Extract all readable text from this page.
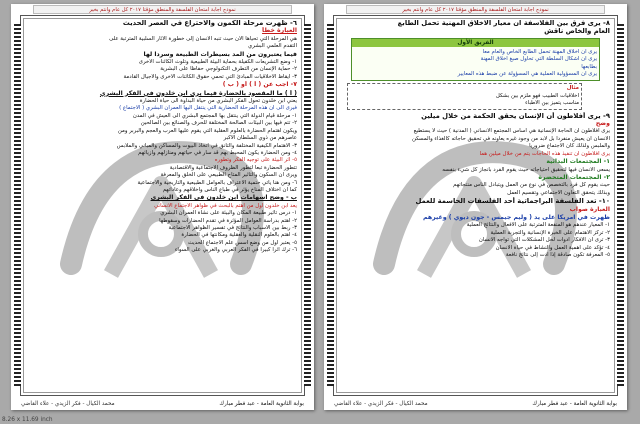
نموذج اجابة امتحان الفلسفة والمنطق مؤقتا ٢٠١٧ كل عام وانتم بخير
٦- ظهرت مرحلة الكمون والاحتراع في العصر الحديث
العبارة خطأ
هي المرحلة التي تحياها الآن حيث تنبه الانسان إلى خطورة الآثار السلبية المترتبة على
التقدم العلمي البشري
فيما يعتبرون من المد بسيطرات الطبيعة وسردا لها
١- وضع التشريعات الكفيلة بحماية البيئة الطبيعية وتلوث الكائنات الأخرى
٢- حماية الإنسان من التطرف التكنولوجي حفاظا على البشرية
٣- ايقاظ الأخلاقيات المبادئ التي تحمي حقوق الكائنات الأخرى والأجيال القادمة
٧- اجب عن ( أ ) أو ( ب )
( أ ) ما المقصود بالحضارة فيما يرى ابن خلدون في الفكر البشري
يعني ابن خلدون تحول الفكر البشري من حياة البداوة الى حياة الحضارة
فيرى الى ان هذه المرحلة الحضارية التي ينتقل اليها العمران البشري ( الاجتماع )
١- مرحلة قيام الدولة التي ينتقل بها المجتمع البشري الى العيش في المدن
٢- تتم فيها بين البيئات الصالحة المختلفة للحرف والصنائع بين الصالحين
ويكون اهتمام الحضارة بالعلوم العقلية التي يقوم عليها العرب والعجم والبربر ومن
عاصرهم من ذوي السلطان الأكبر
٣- الاهتمام الكيفية المختلفة والتأنق في اتخاذ البيوت والمساكن والمباني والملابس
٤- ومن الحضارة يكون المحيط بهم قد سار في حياتهم ومنازلهم وأزيائهم
٥- أثر البيئة على توجيه الفكر وتطوره
تتطور الحضارة تبعا لتطور الظروف الاجتماعية والاقتصادية
ويرى ان السكون والتأثير المتاح الطبيعي على الخلق والمعرفة
٦- ومن هنا يأتي حتمية الاعتراف بالعوامل الطبيعية والتاريخية والاجتماعية
كما ان اختلاف المناخ يؤثر في طباع الناس واخلاقهم وعاداتهم
ب - وضح اسهامات ابن خلدون في الفكر البشري
يعد ابن خلدون أول من اهتم بالبحث في ظواهر الاجتماع الانساني
١- درس تأثير طبيعة المكان والبيئة على نشأة العمران البشري
٢- اهتم بدراسة العوامل المؤثرة في تقدم الحضارات وسقوطها
٣- ربط بين الأسباب والنتائج في تفسير الظواهر الاجتماعية
٤- اهتم بالعلوم النقلية والعقلية ومكانتها في الحضارة
٥- يعتبر أول من وضع أسس علم الاجتماع الحديث
٦- ترك أثرا كبيرا في الفكر العربي والغربي على السواء
بوابة الثانوية العامة - عبد فطر مبارك
محمد الكيال - فكر الزيدي - علاء القاضي
نموذج اجابة امتحان الفلسفة والمنطق مؤقتا ٢٠١٧ كل عام وانتم بخير
٨- يرى فرق بين الفلاسفة ان معيار الاخلاق المهنية تحمل الطابع
العام والخاص ناقش
الفريق الأول
يرى أن أخلاق المهنة تحمل الطابع الخاص والعام معا
يرى ان أشكال السلطة التي تحاول صبغ أخلاق المهنة
بطابعها
يرى أن المسؤولية العملية هي المسؤولة عن ضبط هذه المعايير
مثال
أخلاقيات الطبيب فهو ملزم بين بشكل
مناسب يتميز بين الأطباء
٩- يرى أفلاطون أن الإنسان يحقق الحكمة من خلال ميلين
وضح
يرى أفلاطون أن الحاجة الإنسانية هي أساس المجتمع الانساني ( المدنية ) حيث لا يستطيع
الانسان ان يعيش منفردا بل لابد من وجود غيره يعاونه في تحقيق حاجاته كالغذاء والمسكن
والملبس ولذلك كان الاجتماع ضروريا
يرى أفلاطون أن تنفيذ هذه الحاجات يتم من خلال ميلين هما
١- المجتمعات البدائية
يسعى الانسان فيها لتحقيق احتياجاته حيث يقوم الفرد بانجاز كل شيء بنفسه
٢- المجتمعات المتحضرة
حيث يقوم كل فرد بالتخصص في نوع من العمل ويتبادل الناس منتجاتهم
وبذلك يتحقق التعاون الاجتماعي وتقسيم العمل
١٠- تعد الفلسفة البراجماتية أحد الفلسفات الحاسمة للعمل
العبارة صواب
ظهرت في امريكا على يد ( وليم جيمس - جون ديوي ) وغيرهم
١- المعيار عندهم هو المنفعة المترتبة على الأفعال والنتائج العملية
٢- تركز الاهتمام على الخبرة الإنسانية والتجربة العملية
٣- ترى أن الأفكار أدوات لحل المشكلات التي تواجه الانسان
٤- تؤكد على أهمية العمل والنشاط في حياة الانسان
٥- المعرفة تكون صادقة إذا أدت إلى نتائج نافعة
بوابة الثانوية العامة - عبد فطر مبارك
محمد الكيال - فكر الزيدي - علاء القاضي
8.26 x 11.69 inch
